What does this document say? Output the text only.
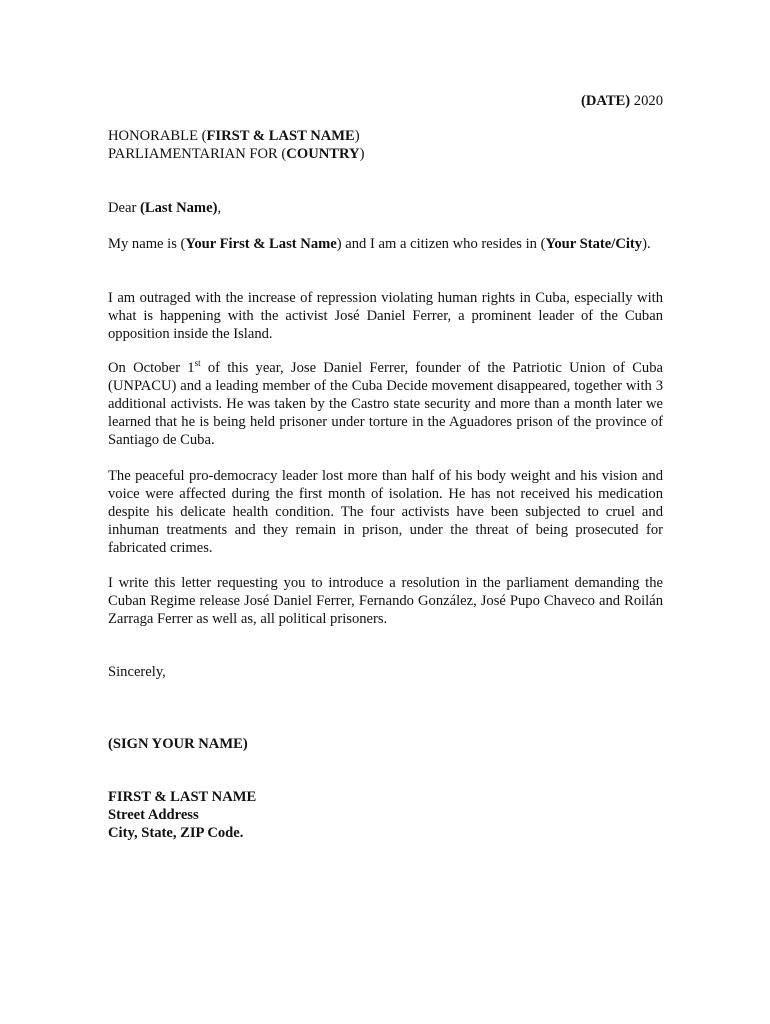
(DATE) 2020
HONORABLE (FIRST & LAST NAME)
PARLIAMENTARIAN FOR (COUNTRY)
Dear (Last Name),
My name is (Your First & Last Name) and I am a citizen who resides in (Your State/City).
I am outraged with the increase of repression violating human rights in Cuba, especially with what is happening with the activist José Daniel Ferrer, a prominent leader of the Cuban opposition inside the Island.
On October 1st of this year, Jose Daniel Ferrer, founder of the Patriotic Union of Cuba (UNPACU) and a leading member of the Cuba Decide movement disappeared, together with 3 additional activists. He was taken by the Castro state security and more than a month later we learned that he is being held prisoner under torture in the Aguadores prison of the province of Santiago de Cuba.
The peaceful pro-democracy leader lost more than half of his body weight and his vision and voice were affected during the first month of isolation. He has not received his medication despite his delicate health condition. The four activists have been subjected to cruel and inhuman treatments and they remain in prison, under the threat of being prosecuted for fabricated crimes.
I write this letter requesting you to introduce a resolution in the parliament demanding the Cuban Regime release José Daniel Ferrer, Fernando González, José Pupo Chaveco and Roilán Zarraga Ferrer as well as, all political prisoners.
Sincerely,
(SIGN YOUR NAME)
FIRST & LAST NAME
Street Address
City, State, ZIP Code.
